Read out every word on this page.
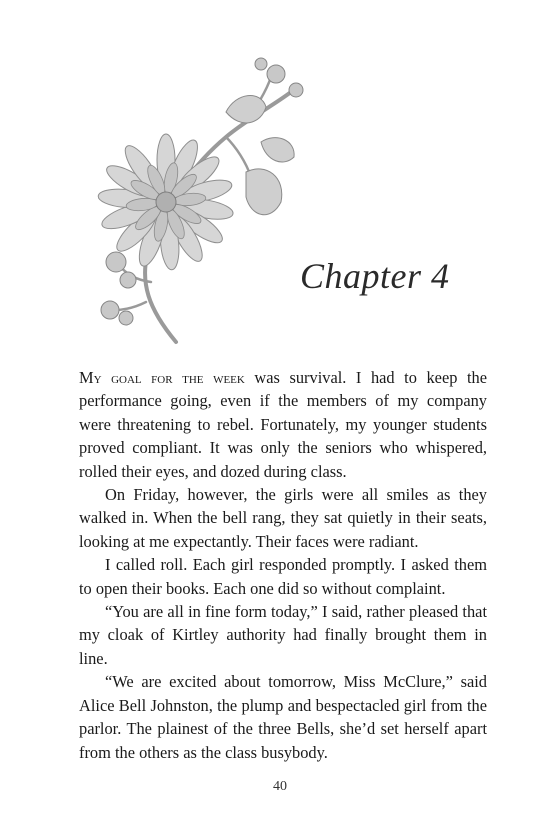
Chapter 4

My goal for the week was survival. I had to keep the performance going, even if the members of my company were threatening to rebel. Fortunately, my younger students proved compliant. It was only the seniors who whispered, rolled their eyes, and dozed during class.

On Friday, however, the girls were all smiles as they walked in. When the bell rang, they sat quietly in their seats, looking at me expectantly. Their faces were radiant.

I called roll. Each girl responded promptly. I asked them to open their books. Each one did so without complaint.

“You are all in fine form today,” I said, rather pleased that my cloak of Kirtley authority had finally brought them in line.

“We are excited about tomorrow, Miss McClure,” said Alice Bell Johnston, the plump and bespectacled girl from the parlor. The plainest of the three Bells, she’d set herself apart from the others as the class busybody.

40
